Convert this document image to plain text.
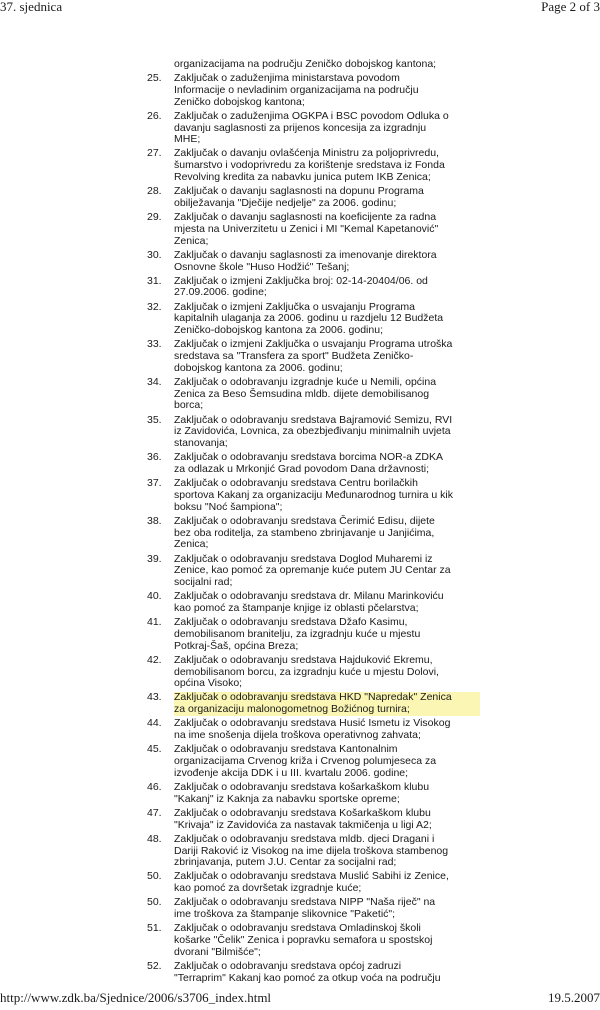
37. sjednica	Page 2 of 3
organizacijama na području Zeničko dobojskog kantona;
25.	Zaključak o zaduženjima ministarstava povodom
Informacije o nevladinim organizacijama na području
Zeničko dobojskog kantona;
26.	Zaključak o zaduženjima OGKPA i BSC povodom Odluka o
davanju saglasnosti za prijenos koncesija za izgradnju
MHE;
27.	Zaključak o davanju ovlašćenja Ministru za poljoprivredu,
šumarstvo i vodoprivredu za korištenje sredstava iz Fonda
Revolving kredita za nabavku junica putem IKB Zenica;
28.	Zaključak o davanju saglasnosti na dopunu Programa
obilježavanja "Dječije nedjelje" za 2006. godinu;
29.	Zaključak o davanju saglasnosti na koeficijente za radna
mjesta na Univerzitetu u Zenici i MI "Kemal Kapetanović"
Zenica;
30.	Zaključak o davanju saglasnosti za imenovanje direktora
Osnovne škole "Huso Hodžić" Tešanj;
31.	Zaključak o izmjeni Zaključka broj: 02-14-20404/06. od
27.09.2006. godine;
32.	Zaključak o izmjeni Zaključka o usvajanju Programa
kapitalnih ulaganja za 2006. godinu u razdjelu 12 Budžeta
Zeničko-dobojskog kantona za 2006. godinu;
33.	Zaključak o izmjeni Zaključka o usvajanju Programa utroška
sredstava sa "Transfera za sport" Budžeta Zeničko-
dobojskog kantona za 2006. godinu;
34.	Zaključak o odobravanju izgradnje kuće u Nemili, općina
Zenica za Beso Šemsudina mldb. dijete demobilisanog
borca;
35.	Zaključak o odobravanju sredstava Bajramović Semizu, RVI
iz Zavidovića, Lovnica, za obezbjeđivanju minimalnih uvjeta
stanovanja;
36.	Zaključak o odobravanju sredstava borcima NOR-a ZDKA
za odlazak u Mrkonjić Grad povodom Dana državnosti;
37.	Zaključak o odobravanju sredstava Centru borilačkih
sportova Kakanj za organizaciju Međunarodnog turnira u kik
boksu "Noć šampiona";
38.	Zaključak o odobravanju sredstava Čerimić Edisu, dijete
bez oba roditelja, za stambeno zbrinjavanje u Janjićima,
Zenica;
39.	Zaključak o odobravanju sredstava Doglod Muharemi iz
Zenice, kao pomoć za opremanje kuće putem JU Centar za
socijalni rad;
40.	Zaključak o odobravanju sredstava dr. Milanu Marinkoviću
kao pomoć za štampanje knjige iz oblasti pčelarstva;
41.	Zaključak o odobravanju sredstava Džafo Kasimu,
demobilisanom branitelju, za izgradnju kuće u mjestu
Potkraj-Šaš, općina Breza;
42.	Zaključak o odobravanju sredstava Hajduković Ekremu,
demobilisanom borcu, za izgradnju kuće u mjestu Dolovi,
općina Visoko;
43.	Zaključak o odobravanju sredstava HKD "Napredak" Zenica
za organizaciju malonogometnog Božićnog turnira;
44.	Zaključak o odobravanju sredstava Husić Ismetu iz Visokog
na ime snošenja dijela troškova operativnog zahvata;
45.	Zaključak o odobravanju sredstava Kantonalnim
organizacijama Crvenog križa i Crvenog polumjeseca za
izvođenje akcija DDK i u III. kvartalu 2006. godine;
46.	Zaključak o odobravanju sredstava košarkaškom klubu
"Kakanj" iz Kaknja za nabavku sportske opreme;
47.	Zaključak o odobravanju sredstava Košarkaškom klubu
"Krivaja" iz Zavidovića za nastavak takmičenja u ligi A2;
48.	Zaključak o odobravanju sredstava mldb. djeci Dragani i
Dariji Raković iz Visokog na ime dijela troškova stambenog
zbrinjavanja, putem J.U. Centar za socijalni rad;
50.	Zaključak o odobravanju sredstava Muslić Sabihi iz Zenice,
kao pomoć za dovršetak izgradnje kuće;
50.	Zaključak o odobravanju sredstava NIPP "Naša riječ" na
ime troškova za štampanje slikovnice "Paketić";
51.	Zaključak o odobravanju sredstava Omladinskoj školi
košarke "Čelik" Zenica i popravku semafora u spostskoj
dvorani "Bilmišće";
52.	Zaključak o odobravanju sredstava općoj zadruzi
"Terraprim" Kakanj kao pomoć za otkup voća na području
http://www.zdk.ba/Sjednice/2006/s3706_index.html	19.5.2007
